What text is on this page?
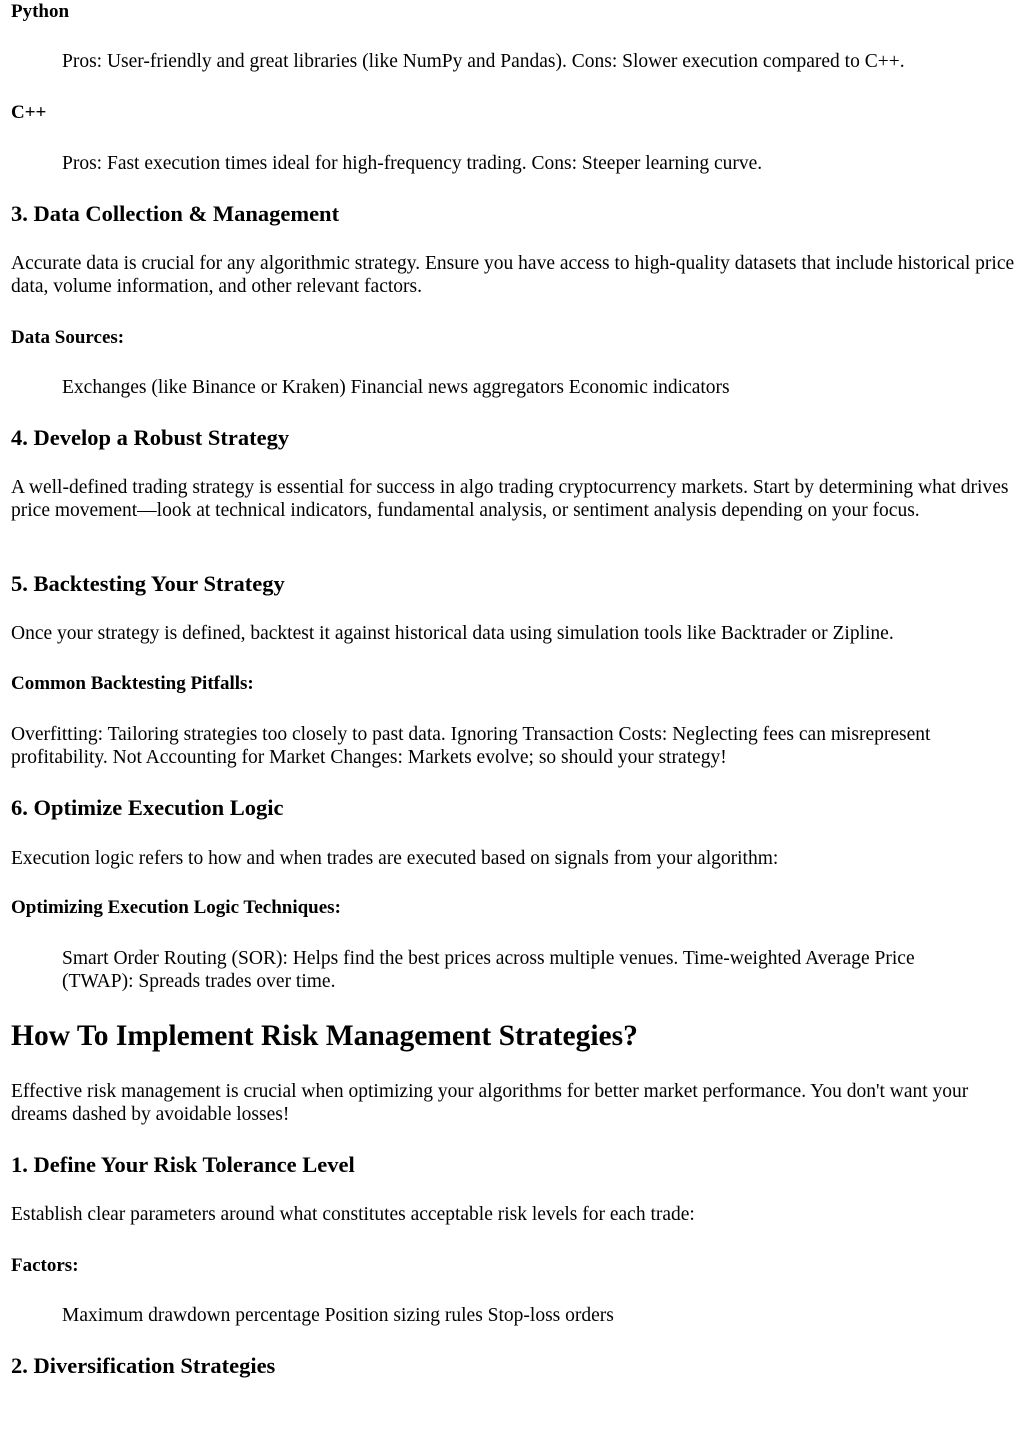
Python
Pros: User-friendly and great libraries (like NumPy and Pandas). Cons: Slower execution compared to C++.
C++
Pros: Fast execution times ideal for high-frequency trading. Cons: Steeper learning curve.
3. Data Collection & Management
Accurate data is crucial for any algorithmic strategy. Ensure you have access to high-quality datasets that include historical price data, volume information, and other relevant factors.
Data Sources:
Exchanges (like Binance or Kraken) Financial news aggregators Economic indicators
4. Develop a Robust Strategy
A well-defined trading strategy is essential for success in algo trading cryptocurrency markets. Start by determining what drives price movement—look at technical indicators, fundamental analysis, or sentiment analysis depending on your focus.
5. Backtesting Your Strategy
Once your strategy is defined, backtest it against historical data using simulation tools like Backtrader or Zipline.
Common Backtesting Pitfalls:
Overfitting: Tailoring strategies too closely to past data. Ignoring Transaction Costs: Neglecting fees can misrepresent profitability. Not Accounting for Market Changes: Markets evolve; so should your strategy!
6. Optimize Execution Logic
Execution logic refers to how and when trades are executed based on signals from your algorithm:
Optimizing Execution Logic Techniques:
Smart Order Routing (SOR): Helps find the best prices across multiple venues. Time-weighted Average Price (TWAP): Spreads trades over time.
How To Implement Risk Management Strategies?
Effective risk management is crucial when optimizing your algorithms for better market performance. You don't want your dreams dashed by avoidable losses!
1. Define Your Risk Tolerance Level
Establish clear parameters around what constitutes acceptable risk levels for each trade:
Factors:
Maximum drawdown percentage Position sizing rules Stop-loss orders
2. Diversification Strategies
